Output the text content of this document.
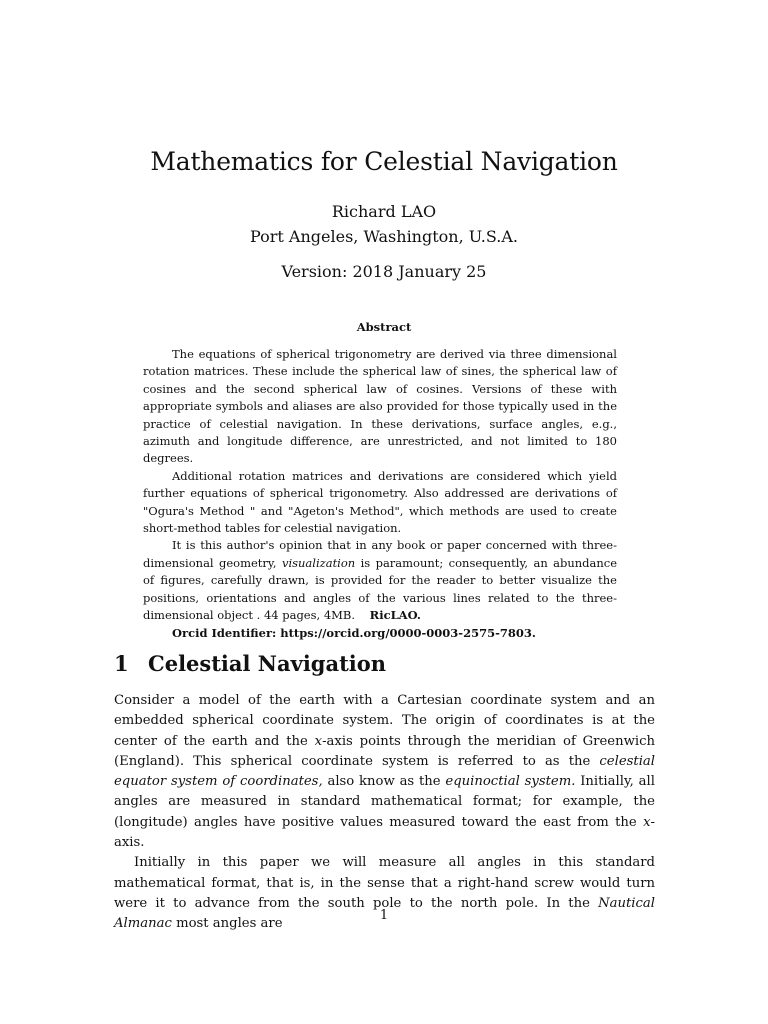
Mathematics for Celestial Navigation
Richard LAO
Port Angeles, Washington, U.S.A.
Version: 2018 January 25
Abstract

The equations of spherical trigonometry are derived via three dimensional rotation matrices. These include the spherical law of sines, the spherical law of cosines and the second spherical law of cosines. Versions of these with appropriate symbols and aliases are also provided for those typically used in the practice of celestial navigation. In these derivations, surface angles, e.g., azimuth and longitude difference, are unrestricted, and not limited to 180 degrees.

Additional rotation matrices and derivations are considered which yield further equations of spherical trigonometry. Also addressed are derivations of "Ogura's Method " and "Ageton's Method", which methods are used to create short-method tables for celestial navigation.

It is this author's opinion that in any book or paper concerned with three-dimensional geometry, visualization is paramount; consequently, an abundance of figures, carefully drawn, is provided for the reader to better visualize the positions, orientations and angles of the various lines related to the three-dimensional object . 44 pages, 4MB. RicLAO.

Orcid Identifier: https://orcid.org/0000-0003-2575-7803.

1 Celestial Navigation

Consider a model of the earth with a Cartesian coordinate system and an embedded spherical coordinate system. The origin of coordinates is at the center of the earth and the x-axis points through the meridian of Greenwich (England). This spherical coordinate system is referred to as the celestial equator system of coordinates, also know as the equinoctial system. Initially, all angles are measured in standard mathematical format; for example, the (longitude) angles have positive values measured toward the east from the x-axis.

Initially in this paper we will measure all angles in this standard mathematical format, that is, in the sense that a right-hand screw would turn were it to advance from the south pole to the north pole. In the Nautical Almanac most angles are

1
